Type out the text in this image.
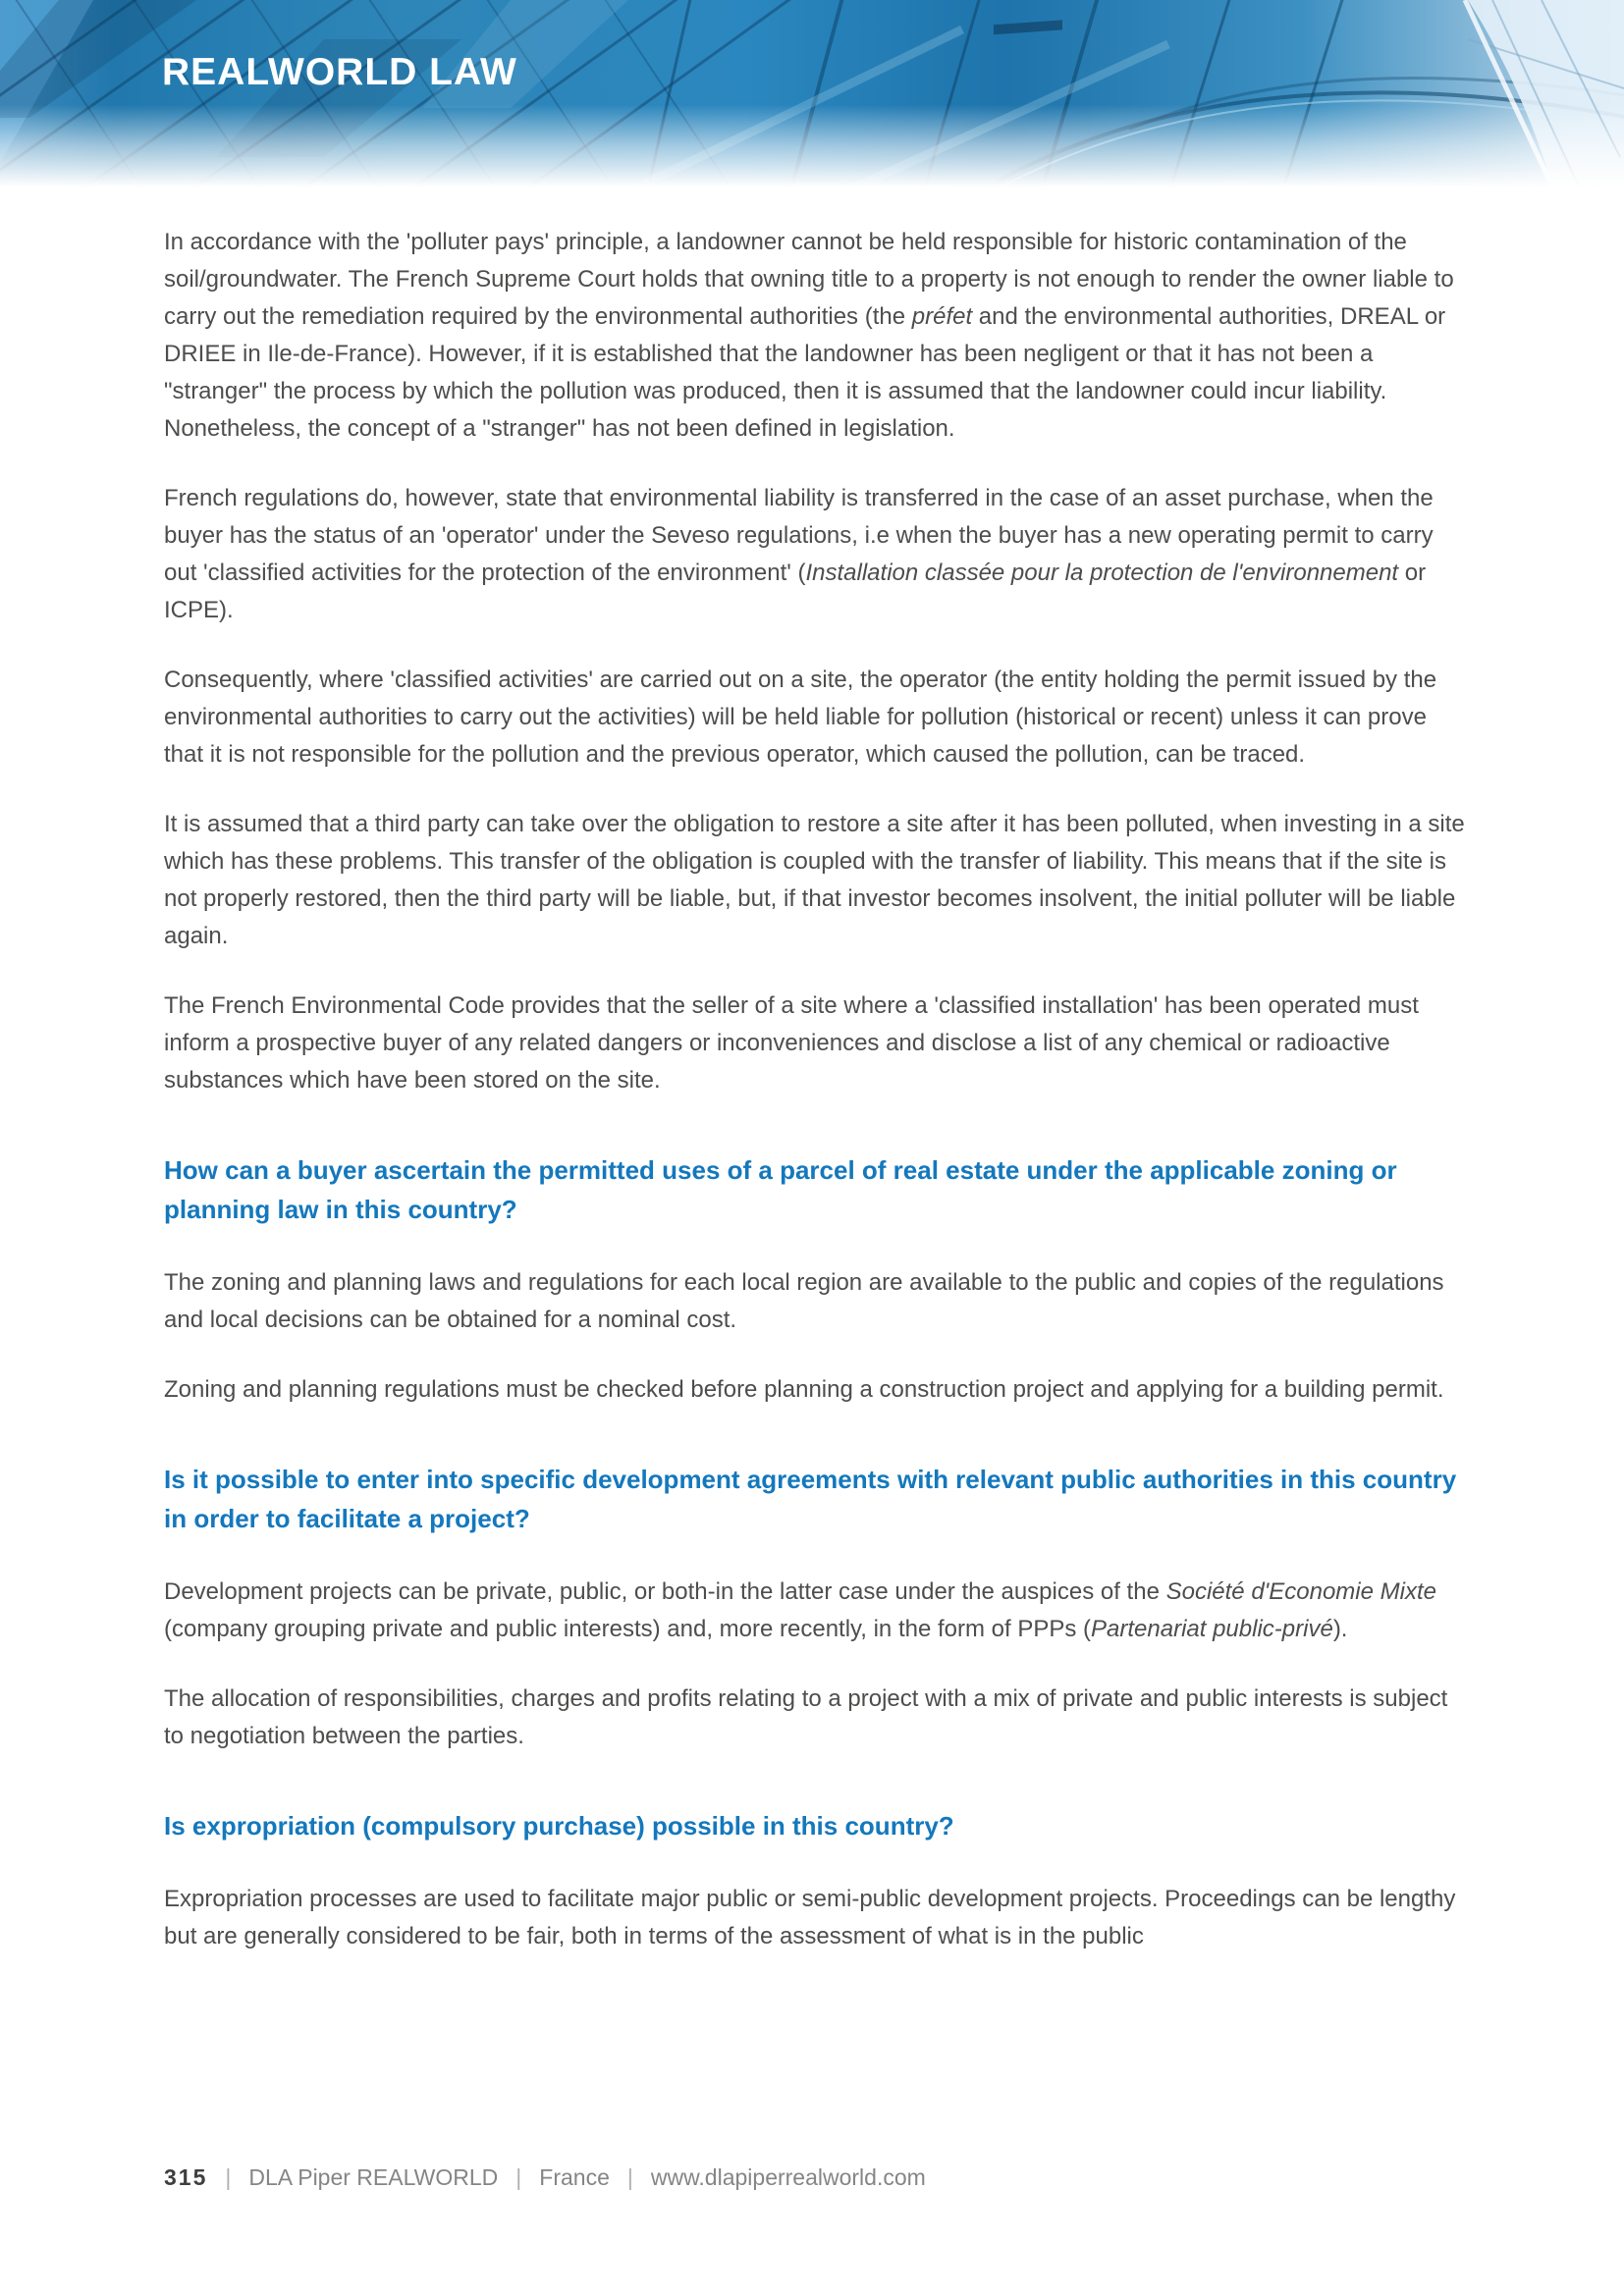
REALWORLD LAW

In accordance with the 'polluter pays' principle, a landowner cannot be held responsible for historic contamination of the soil/groundwater. The French Supreme Court holds that owning title to a property is not enough to render the owner liable to carry out the remediation required by the environmental authorities (the préfet and the environmental authorities, DREAL or DRIEE in Ile-de-France). However, if it is established that the landowner has been negligent or that it has not been a "stranger" the process by which the pollution was produced, then it is assumed that the landowner could incur liability. Nonetheless, the concept of a "stranger" has not been defined in legislation.

French regulations do, however, state that environmental liability is transferred in the case of an asset purchase, when the buyer has the status of an 'operator' under the Seveso regulations, i.e when the buyer has a new operating permit to carry out 'classified activities for the protection of the environment' (Installation classée pour la protection de l'environnement or ICPE).

Consequently, where 'classified activities' are carried out on a site, the operator (the entity holding the permit issued by the environmental authorities to carry out the activities) will be held liable for pollution (historical or recent) unless it can prove that it is not responsible for the pollution and the previous operator, which caused the pollution, can be traced.

It is assumed that a third party can take over the obligation to restore a site after it has been polluted, when investing in a site which has these problems. This transfer of the obligation is coupled with the transfer of liability. This means that if the site is not properly restored, then the third party will be liable, but, if that investor becomes insolvent, the initial polluter will be liable again.

The French Environmental Code provides that the seller of a site where a 'classified installation' has been operated must inform a prospective buyer of any related dangers or inconveniences and disclose a list of any chemical or radioactive substances which have been stored on the site.

How can a buyer ascertain the permitted uses of a parcel of real estate under the applicable zoning or planning law in this country?

The zoning and planning laws and regulations for each local region are available to the public and copies of the regulations and local decisions can be obtained for a nominal cost.

Zoning and planning regulations must be checked before planning a construction project and applying for a building permit.

Is it possible to enter into specific development agreements with relevant public authorities in this country in order to facilitate a project?

Development projects can be private, public, or both-in the latter case under the auspices of the Société d'Economie Mixte (company grouping private and public interests) and, more recently, in the form of PPPs (Partenariat public-privé).

The allocation of responsibilities, charges and profits relating to a project with a mix of private and public interests is subject to negotiation between the parties.

Is expropriation (compulsory purchase) possible in this country?

Expropriation processes are used to facilitate major public or semi-public development projects. Proceedings can be lengthy but are generally considered to be fair, both in terms of the assessment of what is in the public

315 | DLA Piper REALWORLD | France | www.dlapiperrealworld.com
